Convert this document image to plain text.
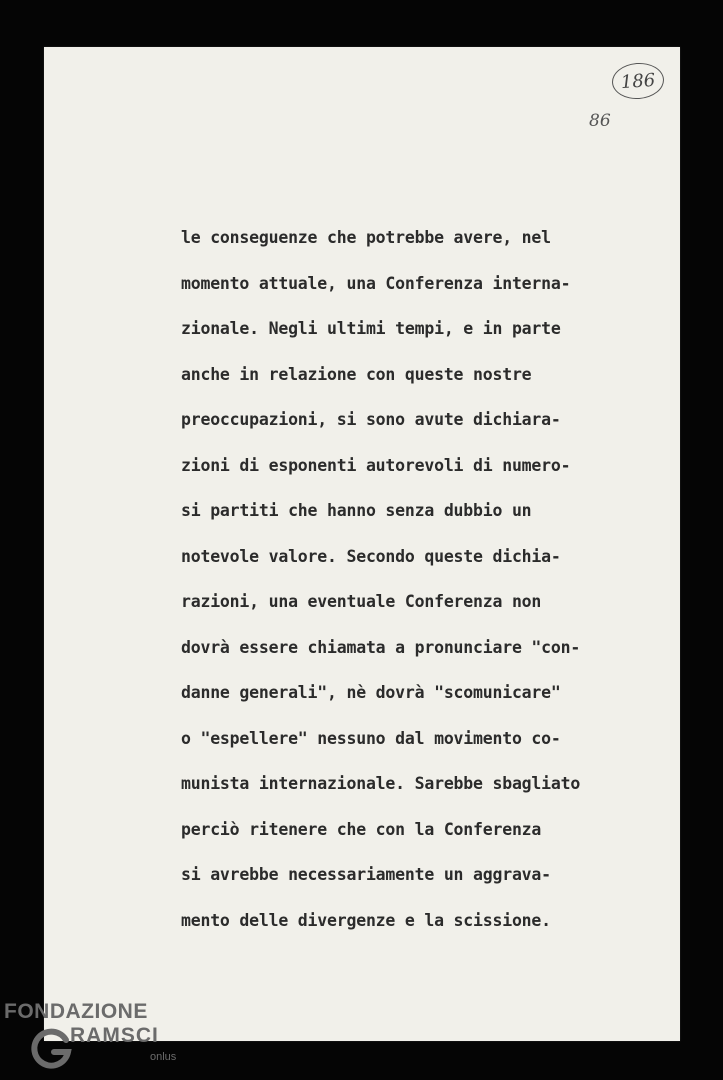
186
86
le conseguenze che potrebbe avere, nel
momento attuale, una Conferenza interna-
zionale. Negli ultimi tempi, e in parte
anche in relazione con queste nostre
preoccupazioni, si sono avute dichiara-
zioni di esponenti autorevoli di numero-
si partiti che hanno senza dubbio un
notevole valore. Secondo queste dichia-
razioni, una eventuale Conferenza non
dovrà essere chiamata a pronunciare "con-
danne generali", nè dovrà "scomunicare"
o "espellere" nessuno dal movimento co-
munista internazionale. Sarebbe sbagliato
perciò ritenere che con la Conferenza
si avrebbe necessariamente un aggrava-
mento delle divergenze e la scissione.
FONDAZIONE
RAMSCI
onlus
